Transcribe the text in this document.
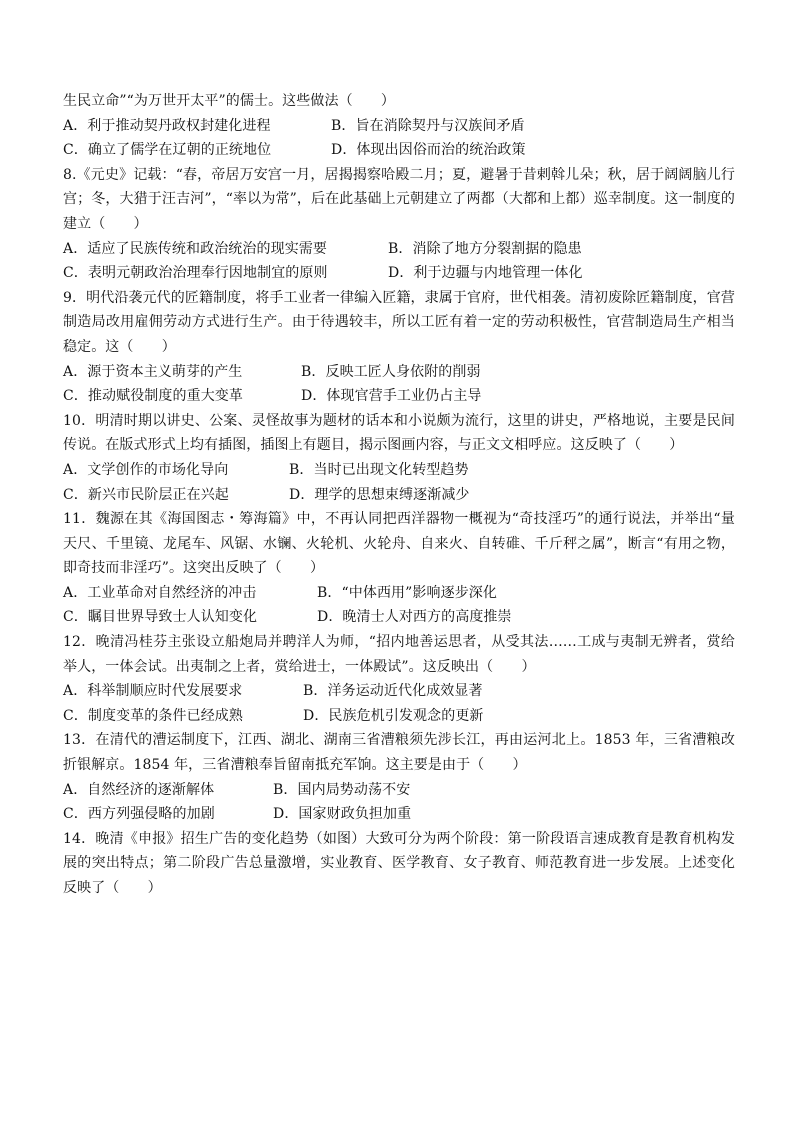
生民立命”“为万世开太平”的儒士。这些做法（　　）

A．利于推动契丹政权封建化进程	B．旨在消除契丹与汉族间矛盾
C．确立了儒学在辽朝的正统地位	D．体现出因俗而治的统治政策

8.《元史》记载：“春，帝居万安宫一月，居揭揭察哈殿二月；夏，避暑于昔剌斡儿朵；秋，居于阔阔脑儿行宫；冬，大猎于汪吉河”，“率以为常”，后在此基础上元朝建立了两都（大都和上都）巡幸制度。这一制度的建立（　　）

A．适应了民族传统和政治统治的现实需要	B．消除了地方分裂割据的隐患
C．表明元朝政治治理奉行因地制宜的原则	D．利于边疆与内地管理一体化

9．明代沿袭元代的匠籍制度，将手工业者一律编入匠籍，隶属于官府，世代相袭。清初废除匠籍制度，官营制造局改用雇佣劳动方式进行生产。由于待遇较丰，所以工匠有着一定的劳动积极性，官营制造局生产相当稳定。这（　　）

A．源于资本主义萌芽的产生	B．反映工匠人身依附的削弱
C．推动赋役制度的重大变革	D．体现官营手工业仍占主导

10．明清时期以讲史、公案、灵怪故事为题材的话本和小说颇为流行，这里的讲史，严格地说，主要是民间传说。在版式形式上均有插图，插图上有题目，揭示图画内容，与正文文相呼应。这反映了（　　）

A．文学创作的市场化导向	B．当时已出现文化转型趋势
C．新兴市民阶层正在兴起	D．理学的思想束缚逐渐减少

11．魏源在其《海国图志・筹海篇》中，不再认同把西洋器物一概视为“奇技淫巧”的通行说法，并举出“量天尺、千里镜、龙尾车、风锯、水镧、火轮机、火轮舟、自来火、自转碓、千斤秤之属”，断言“有用之物，即奇技而非淫巧”。这突出反映了（　　）

A．工业革命对自然经济的冲击	B．“中体西用”影响逐步深化
C．瞩目世界导致士人认知变化	D．晚清士人对西方的高度推崇

12．晚清冯桂芬主张设立船炮局并聘洋人为师，“招内地善运思者，从受其法……工成与夷制无辨者，赏给举人，一体会试。出夷制之上者，赏给进士，一体殿试”。这反映出（　　）

A．科举制顺应时代发展要求	B．洋务运动近代化成效显著
C．制度变革的条件已经成熟	D．民族危机引发观念的更新

13．在清代的漕运制度下，江西、湖北、湖南三省漕粮须先涉长江，再由运河北上。1853 年，三省漕粮改折银解京。1854 年，三省漕粮奉旨留南抵充军饷。这主要是由于（　　）

A．自然经济的逐渐解体	B．国内局势动荡不安
C．西方列强侵略的加剧	D．国家财政负担加重

14．晚清《申报》招生广告的变化趋势（如图）大致可分为两个阶段：第一阶段语言速成教育是教育机构发展的突出特点；第二阶段广告总量激增，实业教育、医学教育、女子教育、师范教育进一步发展。上述变化反映了（　　）
